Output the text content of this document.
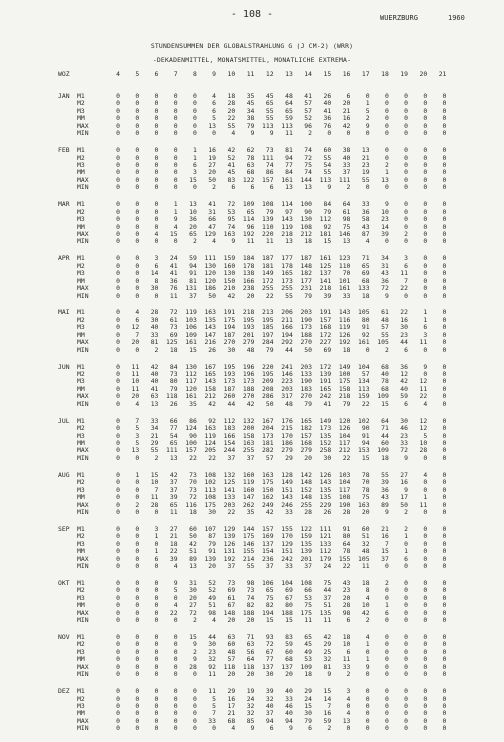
- 108 -	WUERZBURG	1960
STUNDENSUMMEN DER GLOBALSTRAHLUNG G (J CM-2) (WRR)
-DEKADENMITTEL, MONATSMITTEL, MONATLICHE EXTREMA-
WOZ	4	5	6	7	8	9	10	11	12	13	14	15	16	17	18	19	20	21
JAN M1	0	0	0	0	0	4	18	35	45	48	41	26	6	0	0	0	0	0
M2	0	0	0	0	0	6	28	45	65	64	57	40	20	1	0	0	0	0
M3	0	0	0	0	0	6	20	34	55	65	57	41	21	5	0	0	0	0
MM	0	0	0	0	0	5	22	38	55	59	52	36	16	2	0	0	0	0
MAX	0	0	0	0	0	13	55	79	113	113	96	76	42	9	0	0	0	0
MIN	0	0	0	0	0	0	4	9	9	11	2	0	0	0	0	0	0	0
FEB M1	0	0	0	0	1	16	42	62	73	81	74	60	38	13	0	0	0	0
M2	0	0	0	0	1	19	52	78	111	94	72	55	40	21	0	0	0	0
M3	0	0	0	0	6	27	41	63	74	77	75	54	33	23	2	0	0	0
MM	0	0	0	0	3	20	45	68	86	84	74	55	37	19	1	0	0	0
MAX	0	0	0	0	15	50	83	122	157	161	144	113	111	55	13	0	0	0
MIN	0	0	0	0	0	2	6	6	6	13	13	9	2	0	0	0	0	0
MAR M1	0	0	0	1	13	41	72	109	108	114	100	84	64	33	9	0	0	0
M2	0	0	0	1	10	31	53	65	79	97	90	79	61	36	10	0	0	0
M3	0	0	0	9	36	66	95	114	139	143	130	112	98	58	23	0	0	0
MM	0	0	0	4	20	47	74	96	110	119	108	92	75	43	14	0	0	0
MAX	0	0	4	15	65	129	163	192	220	218	212	181	146	87	39	2	0	0
MIN	0	0	0	0	2	4	9	11	11	13	18	15	13	4	0	0	0	0
APR M1	0	0	3	24	59	111	159	184	187	177	187	161	123	71	34	3	0	0
M2	0	0	6	41	94	130	160	178	181	178	148	125	110	65	31	6	0	0
M3	0	0	14	41	91	120	130	138	149	165	182	137	70	69	43	11	0	0
MM	0	0	8	36	81	120	150	166	172	173	177	141	101	68	36	7	0	0
MAX	0	0	30	76	131	186	210	238	255	255	231	218	161	133	72	22	0	0
MIN	0	0	0	11	37	50	42	20	22	55	79	39	33	18	9	0	0	0
MAI M1	0	4	28	72	119	163	191	218	213	206	203	191	143	105	61	22	1	0
M2	0	6	30	61	103	135	175	195	195	211	190	157	116	80	48	16	1	0
M3	0	12	40	73	106	143	194	193	185	166	173	168	119	91	57	30	6	0
MM	0	7	33	69	109	147	187	201	197	194	188	172	126	92	55	23	3	0
MAX	0	20	81	125	161	216	270	279	284	292	270	227	192	161	105	44	11	0
MIN	0	0	2	18	15	26	30	48	79	44	50	69	18	0	2	6	0	0
JUN M1	0	11	42	84	130	167	195	196	220	241	203	172	149	104	68	36	9	0
M2	0	11	40	73	112	165	193	196	195	146	133	139	100	57	40	12	0	0
M3	0	10	40	80	117	143	173	173	209	223	190	191	175	134	78	42	12	0
MM	0	11	41	79	120	158	187	188	208	203	183	165	158	113	68	40	11	0
MAX	0	20	63	118	161	212	260	270	286	317	270	242	218	159	109	59	22	0
MIN	0	4	13	26	35	42	44	42	50	48	79	41	79	22	15	6	4	0
JUL M1	0	7	33	66	86	92	112	132	167	176	165	149	120	102	64	30	12	0
M2	0	5	34	77	124	163	183	200	204	215	182	173	126	90	71	46	12	0
M3	0	3	21	54	90	119	166	158	173	170	157	135	104	91	44	23	5	0
MM	0	5	29	65	100	124	154	163	181	186	168	152	117	94	60	33	10	0
MAX	0	13	55	111	157	205	244	255	282	279	279	258	212	153	109	72	28	0
MIN	0	0	2	13	22	22	37	37	57	29	20	30	22	15	18	9	0	0
AUG M1	0	1	15	42	73	108	132	160	163	128	142	126	103	78	55	27	4	0
M2	0	0	10	37	70	102	125	119	175	149	148	143	104	70	39	16	0	0
M3	0	0	7	37	73	113	141	160	150	151	152	135	117	78	36	9	0	0
MM	0	0	11	39	72	108	133	147	162	143	148	135	108	75	43	17	1	0
MAX	0	2	28	65	116	175	203	262	249	246	255	229	190	163	89	50	11	0
MIN	0	0	0	11	18	30	22	35	42	33	28	26	28	20	9	2	0	0
SEP M1	0	0	3	27	60	107	129	144	157	155	122	111	91	60	21	2	0	0
M2	0	0	1	21	50	87	139	175	169	170	159	121	80	51	16	1	0	0
M3	0	0	0	18	42	79	126	146	137	129	135	133	64	32	7	0	0	0
MM	0	0	1	22	51	91	131	155	154	151	139	112	78	48	15	1	0	0
MAX	0	0	6	39	89	139	192	214	236	242	201	179	155	105	37	6	0	0
MIN	0	0	0	4	13	20	37	55	37	33	37	24	22	11	0	0	0	0
OKT M1	0	0	0	9	31	52	73	98	106	104	108	75	43	18	2	0	0	0
M2	0	0	0	5	30	52	69	73	65	69	66	44	23	8	0	0	0	0
M3	0	0	0	0	20	49	61	74	75	67	53	37	20	4	0	0	0	0
MM	0	0	0	4	27	51	67	82	82	80	75	51	28	10	1	0	0	0
MAX	0	0	0	22	72	98	148	188	194	188	175	135	98	42	6	0	0	0
MIN	0	0	0	0	2	4	20	20	15	15	11	11	6	2	0	0	0	0
NOV M1	0	0	0	0	15	44	63	71	93	83	65	42	18	4	0	0	0	0
M2	0	0	0	0	9	30	60	63	72	59	45	29	10	1	0	0	0	0
M3	0	0	0	0	2	23	48	56	67	60	49	25	6	0	0	0	0	0
MM	0	0	0	0	9	32	57	64	77	68	53	32	11	1	0	0	0	0
MAX	0	0	0	0	28	92	118	118	137	137	109	81	33	9	0	0	0	0
MIN	0	0	0	0	0	11	20	20	30	20	18	9	2	0	0	0	0	0
DEZ M1	0	0	0	0	0	11	29	19	39	40	29	15	3	0	0	0	0	0
M2	0	0	0	0	0	5	16	24	32	33	24	14	4	0	0	0	0	0
M3	0	0	0	0	0	5	17	32	40	46	15	7	0	0	0	0	0	0
MM	0	0	0	0	0	7	21	32	37	40	30	16	4	0	0	0	0	0
MAX	0	0	0	0	0	33	68	85	94	94	79	59	13	0	0	0	0	0
MIN	0	0	0	0	0	0	4	9	6	9	6	2	0	0	0	0	0	0
